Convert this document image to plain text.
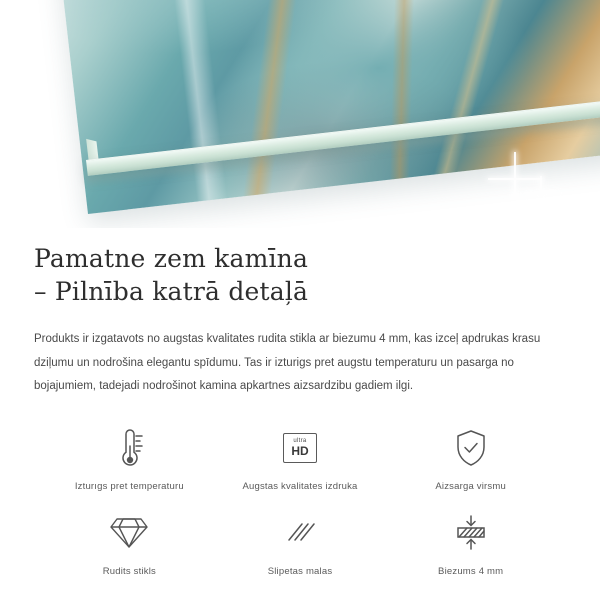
Pamatne zem kamīna
– Pilnība katrā detaļā

Produkts ir izgatavots no augstas kvalitates rudita stikla ar biezumu 4 mm, kas izceļ apdrukas krasu dziļumu un nodrošina elegantu spīdumu. Tas ir izturigs pret augstu temperaturu un pasarga no bojajumiem, tadejadi nodrošinot kamina apkartnes aizsardzibu gadiem ilgi.

Izturıgs pret temperaturu
ultra
HD
Augstas kvalitates izdruka	Aizsarga virsmu
Rudits stikls	Slipetas malas	Biezums 4 mm
